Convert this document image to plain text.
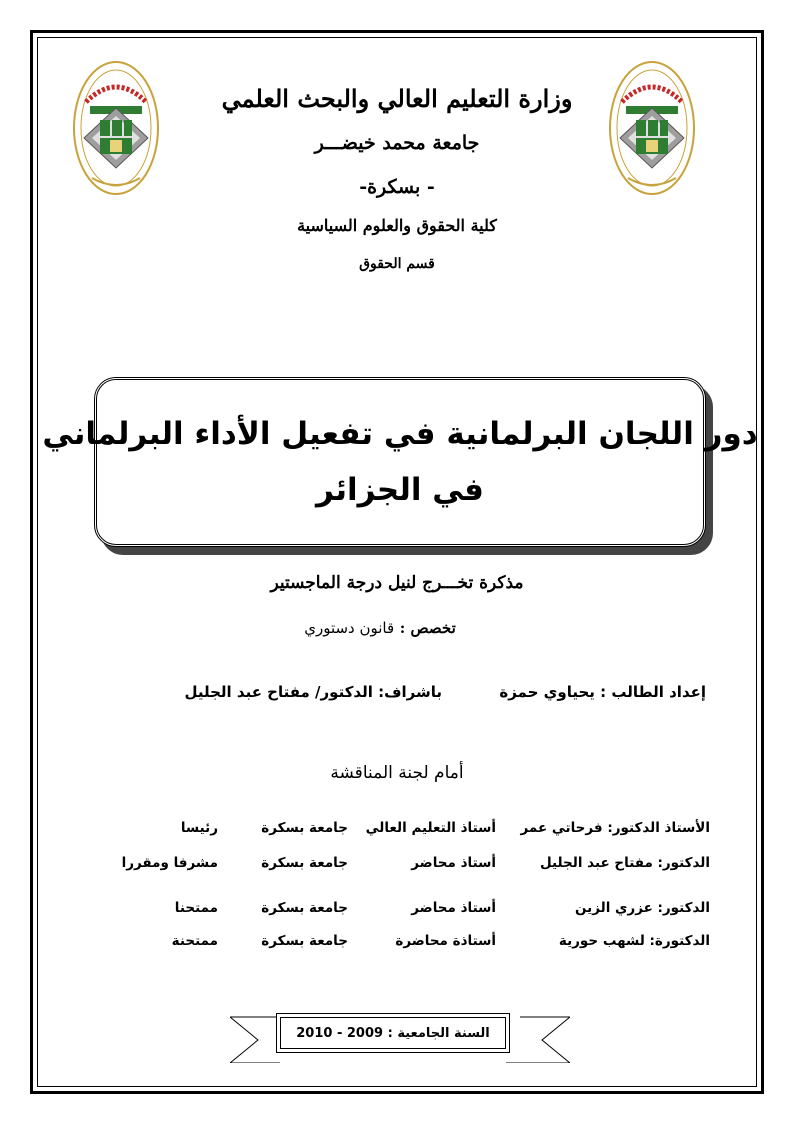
وزارة التعليم العالي والبحث العلمي
جامعة محمد خيضـــر
- بسكرة-
كلية الحقوق والعلوم السياسية
قسم الحقوق
دور اللجان البرلمانية في تفعيل الأداء البرلماني
في الجزائر
مذكرة تخـــرج لنيل درجة الماجستير
تخصص : قانون دستوري
إعداد الطالب : يحياوي حمزة
باشراف: الدكتور/ مفتاح عبد الجليل
أمام لجنة المناقشة
الأستاذ الدكتور: فرحاتي عمر
أستاذ التعليم العالي
جامعة بسكرة
رئيسا
الدكتور: مفتاح عبد الجليل
أستاذ محاضر
جامعة بسكرة
مشرفا ومقررا
الدكتور: عزري الزين
أستاذ محاضر
جامعة بسكرة
ممتحنا
الدكتورة: لشهب حورية
أستاذة محاضرة
جامعة بسكرة
ممتحنة
السنة الجامعية : 2009 - 2010
